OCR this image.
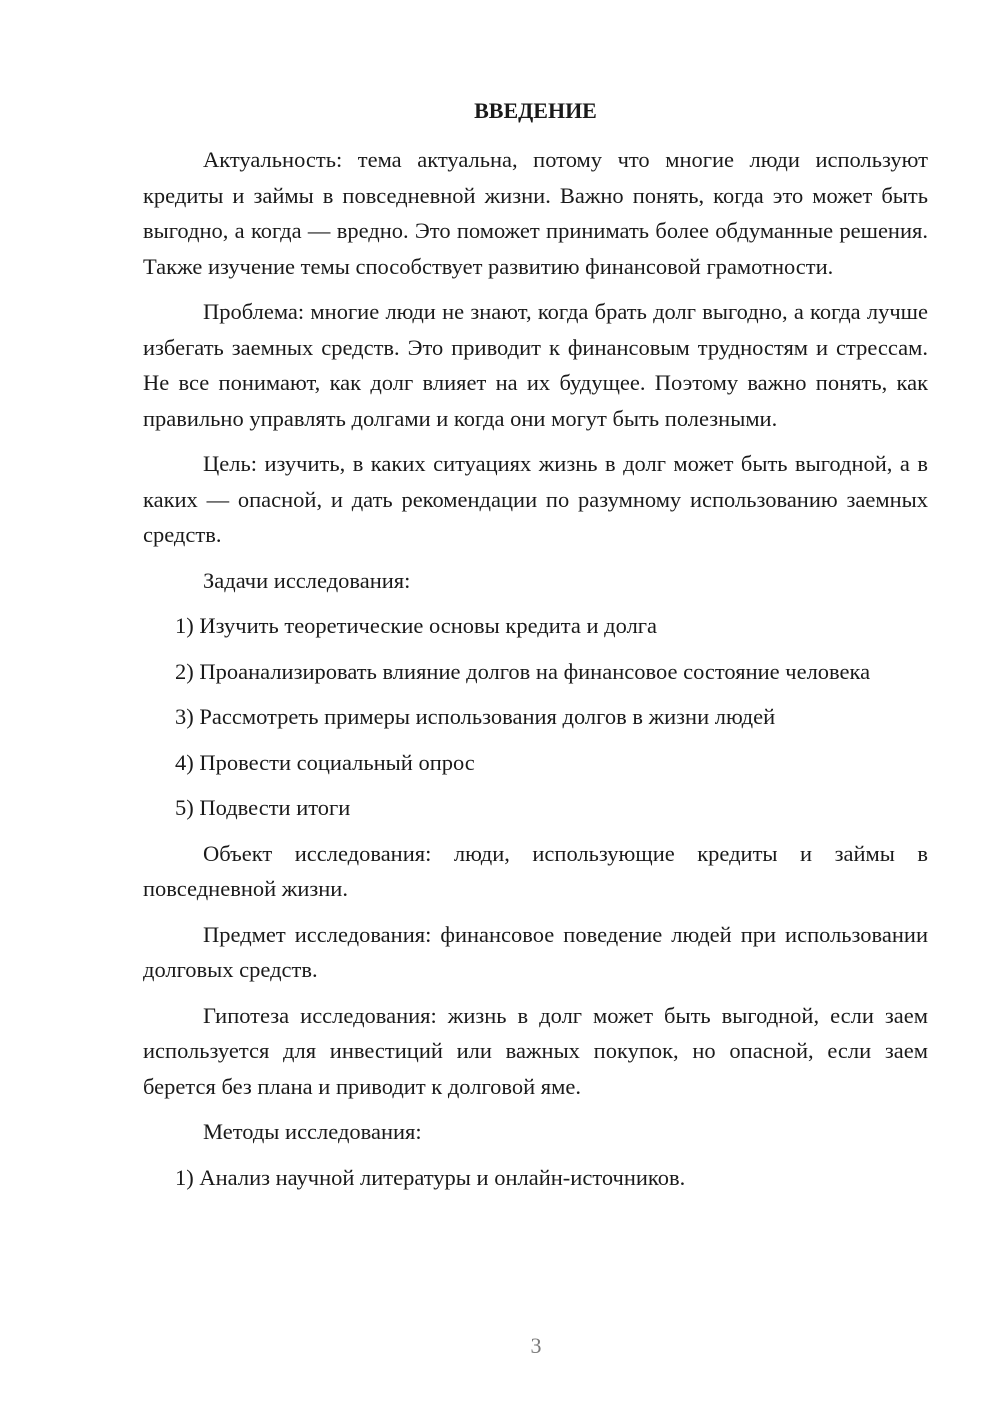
ВВЕДЕНИЕ

Актуальность: тема актуальна, потому что многие люди используют кредиты и займы в повседневной жизни. Важно понять, когда это может быть выгодно, а когда — вредно. Это поможет принимать более обдуманные решения. Также изучение темы способствует развитию финансовой грамотности.

Проблема: многие люди не знают, когда брать долг выгодно, а когда лучше избегать заемных средств. Это приводит к финансовым трудностям и стрессам. Не все понимают, как долг влияет на их будущее. Поэтому важно понять, как правильно управлять долгами и когда они могут быть полезными.

Цель: изучить, в каких ситуациях жизнь в долг может быть выгодной, а в каких — опасной, и дать рекомендации по разумному использованию заемных средств.

Задачи исследования:

1) Изучить теоретические основы кредита и долга

2) Проанализировать влияние долгов на финансовое состояние человека

3) Рассмотреть примеры использования долгов в жизни людей

4) Провести социальный опрос

5) Подвести итоги

Объект исследования: люди, использующие кредиты и займы в повседневной жизни.

Предмет исследования: финансовое поведение людей при использовании долговых средств.

Гипотеза исследования: жизнь в долг может быть выгодной, если заем используется для инвестиций или важных покупок, но опасной, если заем берется без плана и приводит к долговой яме.

Методы исследования:

1) Анализ научной литературы и онлайн-источников.

3
